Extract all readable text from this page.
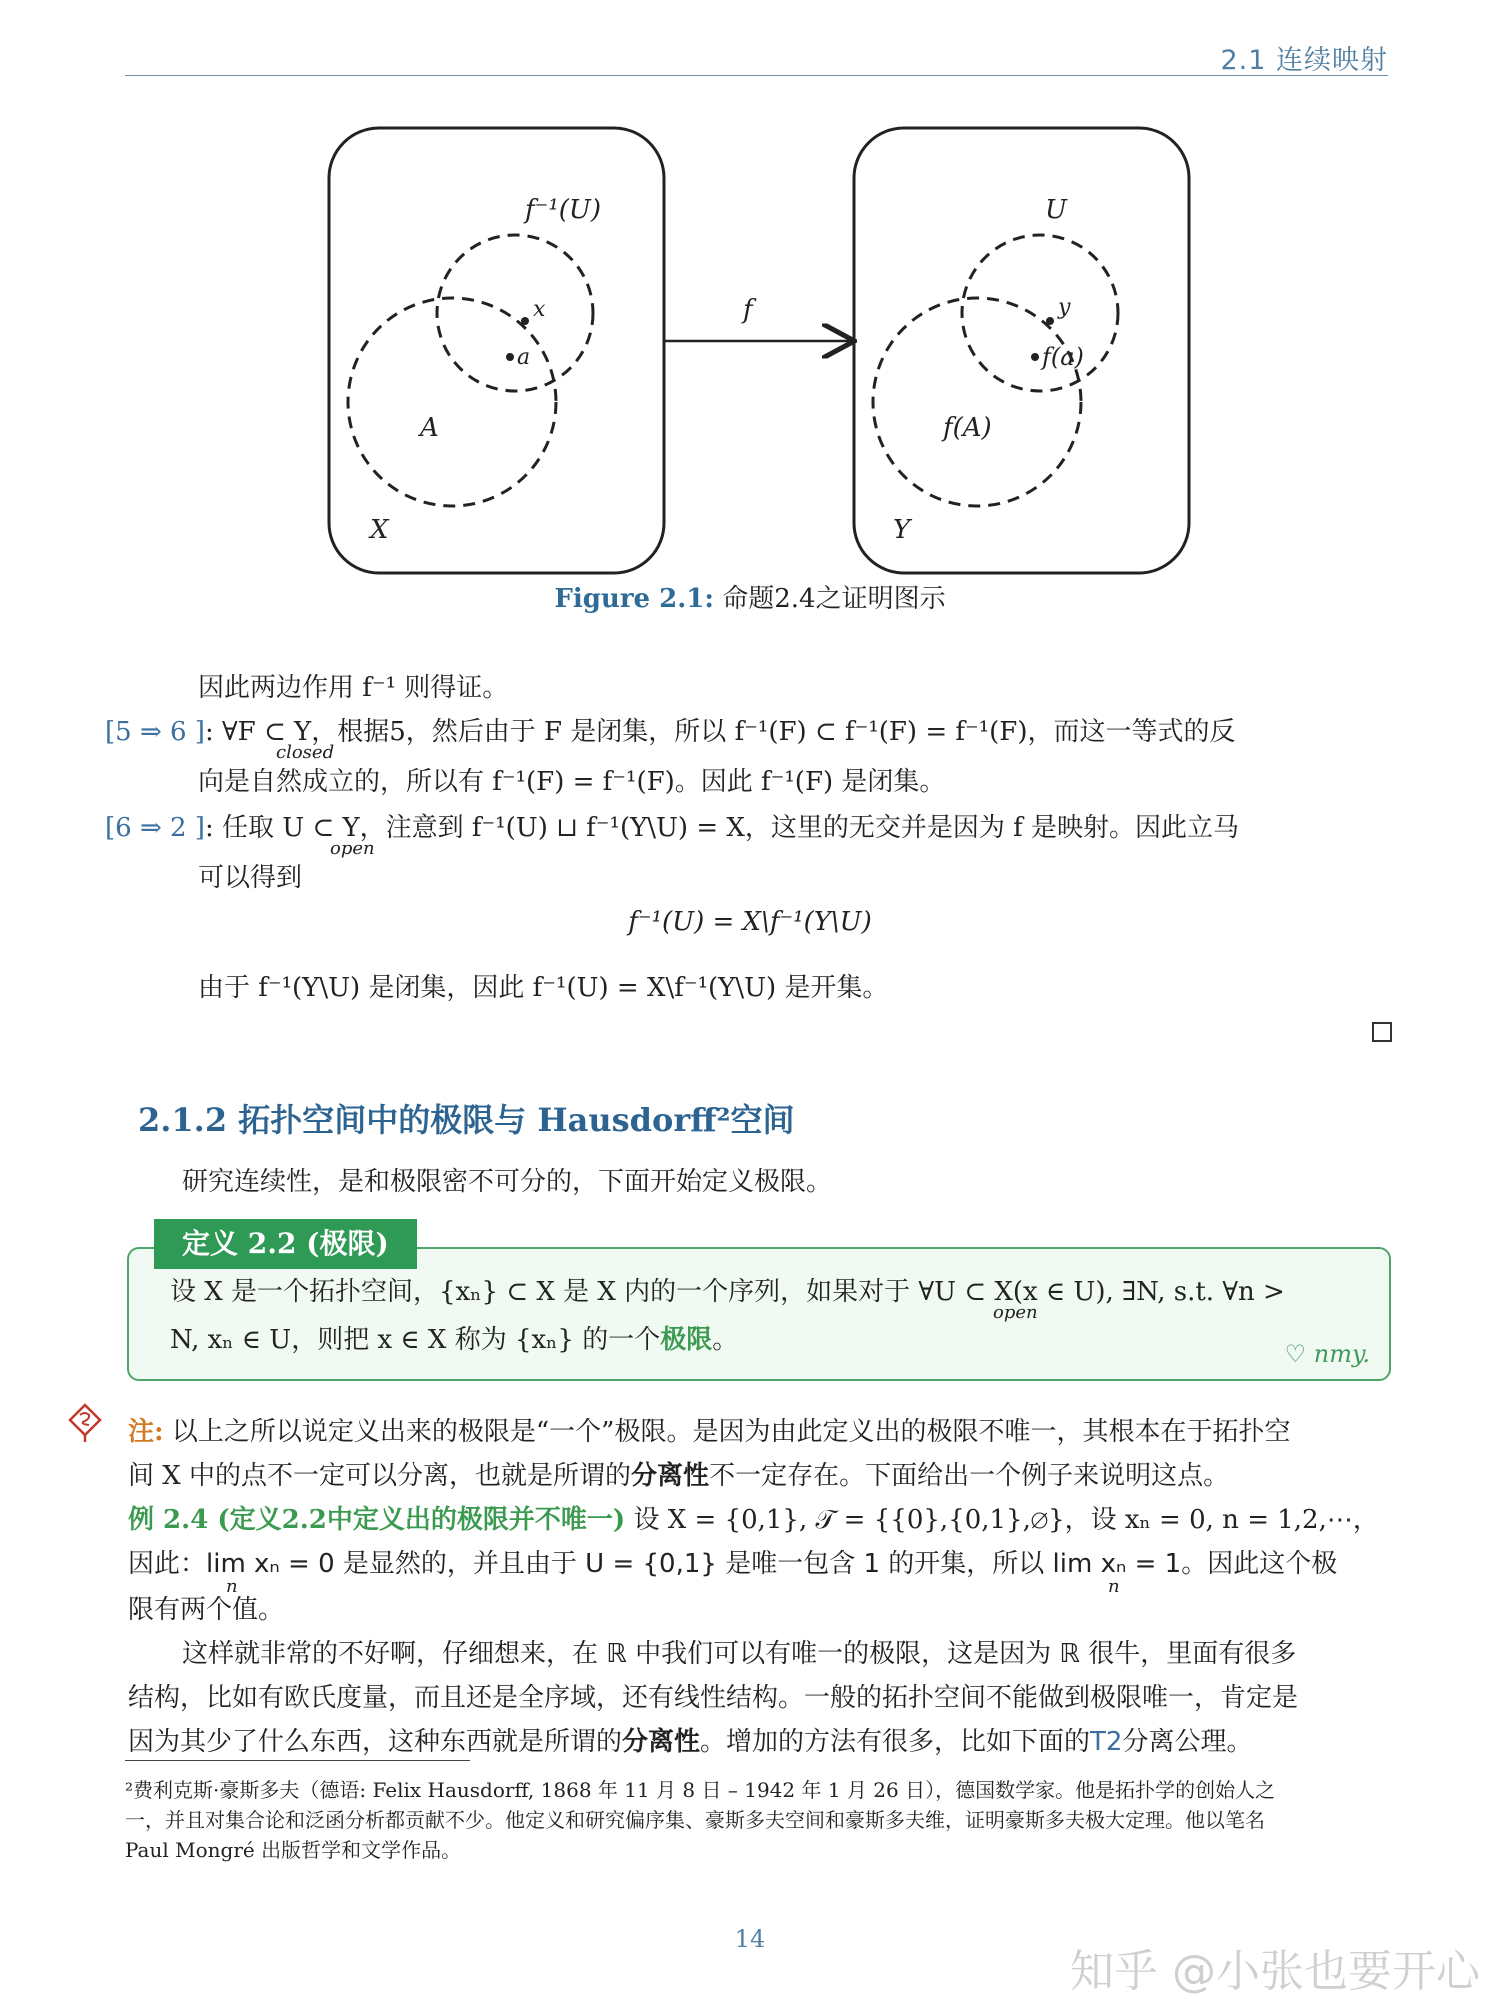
2.1 连续映射
f⁻¹(U)
x
a
A
X
f
U
y
f(a)
f(A)
Y
Figure 2.1: 命题2.4之证明图示
因此两边作用 f⁻¹ 则得证。
[5 ⇒ 6 ]: ∀F ⊂ Y，根据5，然后由于 F 是闭集，所以 f⁻¹(F) ⊂ f⁻¹(F) = f⁻¹(F)，而这一等式的反
closed
向是自然成立的，所以有 f⁻¹(F) = f⁻¹(F)。因此 f⁻¹(F) 是闭集。
[6 ⇒ 2 ]: 任取 U ⊂ Y，注意到 f⁻¹(U) ⊔ f⁻¹(Y\U) = X，这里的无交并是因为 f 是映射。因此立马
open
可以得到
f⁻¹(U) = X\f⁻¹(Y\U)
由于 f⁻¹(Y\U) 是闭集，因此 f⁻¹(U) = X\f⁻¹(Y\U) 是开集。
2.1.2 拓扑空间中的极限与 Hausdorff²空间
研究连续性，是和极限密不可分的，下面开始定义极限。
定义 2.2 (极限)
设 X 是一个拓扑空间，{xₙ} ⊂ X 是 X 内的一个序列，如果对于 ∀U ⊂ X(x ∈ U), ∃N, s.t. ∀n >
open
N, xₙ ∈ U，则把 x ∈ X 称为 {xₙ} 的一个极限。	♡ nmy.
注: 以上之所以说定义出来的极限是“一个”极限。是因为由此定义出的极限不唯一，其根本在于拓扑空
间 X 中的点不一定可以分离，也就是所谓的分离性不一定存在。下面给出一个例子来说明这点。
例 2.4 (定义2.2中定义出的极限并不唯一) 设 X = {0,1}, 𝒯 = {{0},{0,1},∅}，设 xₙ = 0, n = 1,2,⋯，
因此：lim xₙ = 0 是显然的，并且由于 U = {0,1} 是唯一包含 1 的开集，所以 lim xₙ = 1。因此这个极
n	n
限有两个值。
这样就非常的不好啊，仔细想来，在 ℝ 中我们可以有唯一的极限，这是因为 ℝ 很牛，里面有很多
结构，比如有欧氏度量，而且还是全序域，还有线性结构。一般的拓扑空间不能做到极限唯一，肯定是
因为其少了什么东西，这种东西就是所谓的分离性。增加的方法有很多，比如下面的T2分离公理。
²费利克斯·豪斯多夫（德语: Felix Hausdorff, 1868 年 11 月 8 日 – 1942 年 1 月 26 日），德国数学家。他是拓扑学的创始人之
一，并且对集合论和泛函分析都贡献不少。他定义和研究偏序集、豪斯多夫空间和豪斯多夫维，证明豪斯多夫极大定理。他以笔名
Paul Mongré 出版哲学和文学作品。
14
知乎 @小张也要开心
